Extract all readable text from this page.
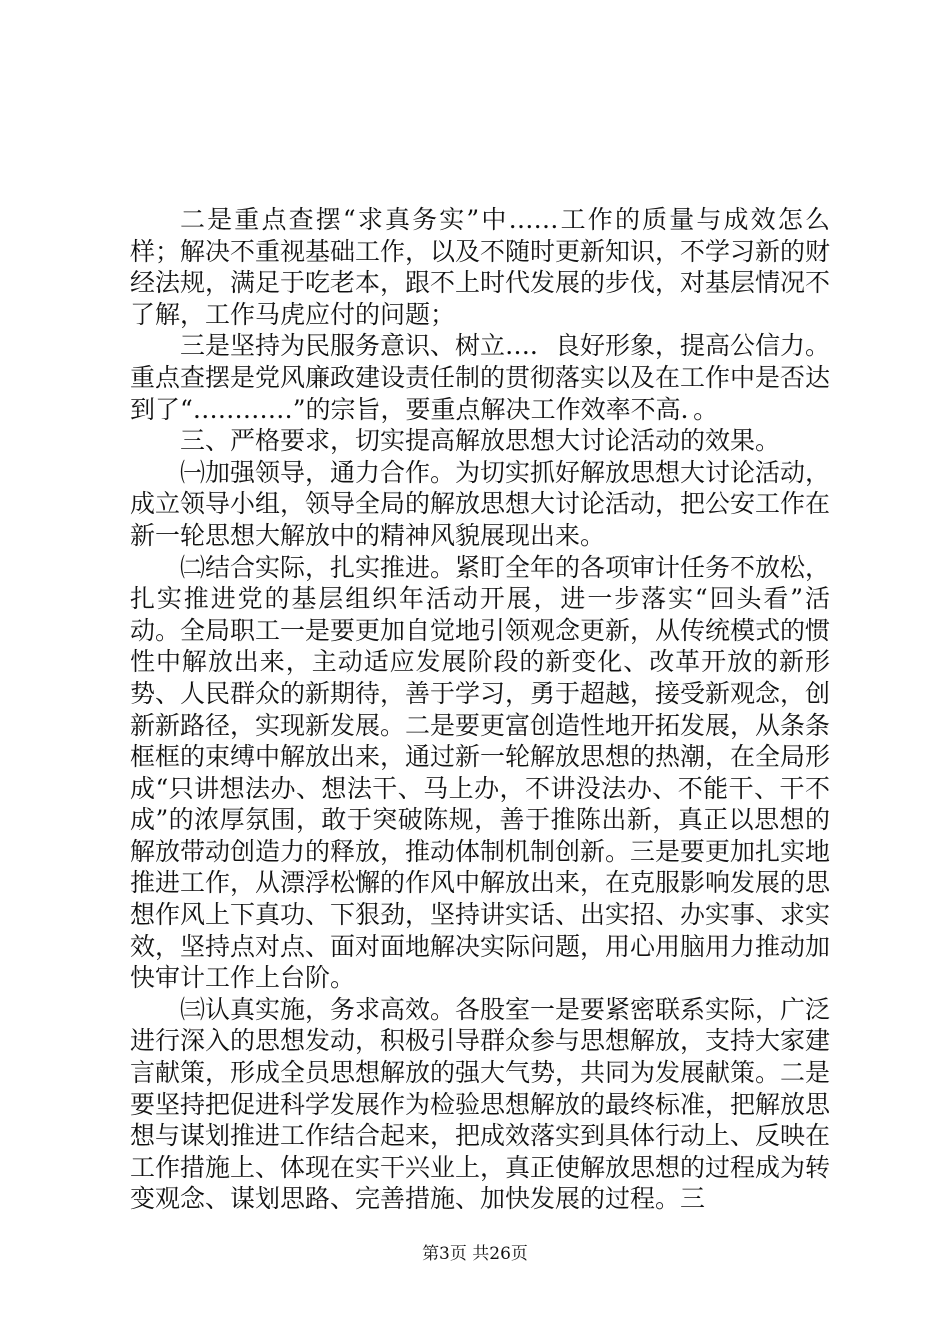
二是重点查摆“求真务实”中……工作的质量与成效怎么样；解决不重视基础工作，以及不随时更新知识，不学习新的财经法规，满足于吃老本，跟不上时代发展的步伐，对基层情况不了解，工作马虎应付的问题；

三是坚持为民服务意识、树立…．良好形象，提高公信力。重点查摆是党风廉政建设责任制的贯彻落实以及在工作中是否达到了“…………”的宗旨，要重点解决工作效率不高．。

三、严格要求，切实提高解放思想大讨论活动的效果。

㈠加强领导，通力合作。为切实抓好解放思想大讨论活动，成立领导小组，领导全局的解放思想大讨论活动，把公安工作在新一轮思想大解放中的精神风貌展现出来。

㈡结合实际，扎实推进。紧盯全年的各项审计任务不放松，扎实推进党的基层组织年活动开展，进一步落实“回头看”活动。全局职工一是要更加自觉地引领观念更新，从传统模式的惯性中解放出来，主动适应发展阶段的新变化、改革开放的新形势、人民群众的新期待，善于学习，勇于超越，接受新观念，创新新路径，实现新发展。二是要更富创造性地开拓发展，从条条框框的束缚中解放出来，通过新一轮解放思想的热潮，在全局形成“只讲想法办、想法干、马上办，不讲没法办、不能干、干不成”的浓厚氛围，敢于突破陈规，善于推陈出新，真正以思想的解放带动创造力的释放，推动体制机制创新。三是要更加扎实地推进工作，从漂浮松懈的作风中解放出来，在克服影响发展的思想作风上下真功、下狠劲，坚持讲实话、出实招、办实事、求实效，坚持点对点、面对面地解决实际问题，用心用脑用力推动加快审计工作上台阶。

㈢认真实施，务求高效。各股室一是要紧密联系实际，广泛进行深入的思想发动，积极引导群众参与思想解放，支持大家建言献策，形成全员思想解放的强大气势，共同为发展献策。二是要坚持把促进科学发展作为检验思想解放的最终标准，把解放思想与谋划推进工作结合起来，把成效落实到具体行动上、反映在工作措施上、体现在实干兴业上，真正使解放思想的过程成为转变观念、谋划思路、完善措施、加快发展的过程。三

第3页 共26页
